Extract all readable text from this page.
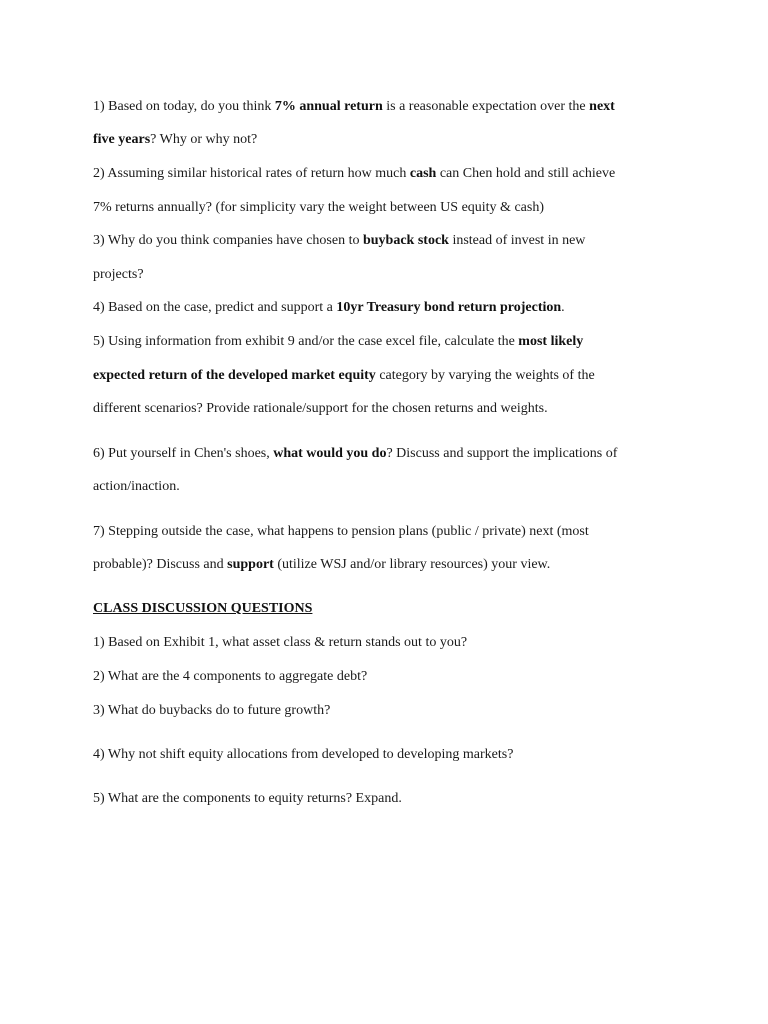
1) Based on today, do you think 7% annual return is a reasonable expectation over the next
five years? Why or why not?
2) Assuming similar historical rates of return how much cash can Chen hold and still achieve
7% returns annually? (for simplicity vary the weight between US equity & cash)
3) Why do you think companies have chosen to buyback stock instead of invest in new
projects?
4) Based on the case, predict and support a 10yr Treasury bond return projection.
5) Using information from exhibit 9 and/or the case excel file, calculate the most likely
expected return of the developed market equity category by varying the weights of the
different scenarios? Provide rationale/support for the chosen returns and weights.
6) Put yourself in Chen's shoes, what would you do? Discuss and support the implications of
action/inaction.
7) Stepping outside the case, what happens to pension plans (public / private) next (most
probable)? Discuss and support (utilize WSJ and/or library resources) your view.
CLASS DISCUSSION QUESTIONS
1) Based on Exhibit 1, what asset class & return stands out to you?
2) What are the 4 components to aggregate debt?
3) What do buybacks do to future growth?
4) Why not shift equity allocations from developed to developing markets?
5) What are the components to equity returns? Expand.
